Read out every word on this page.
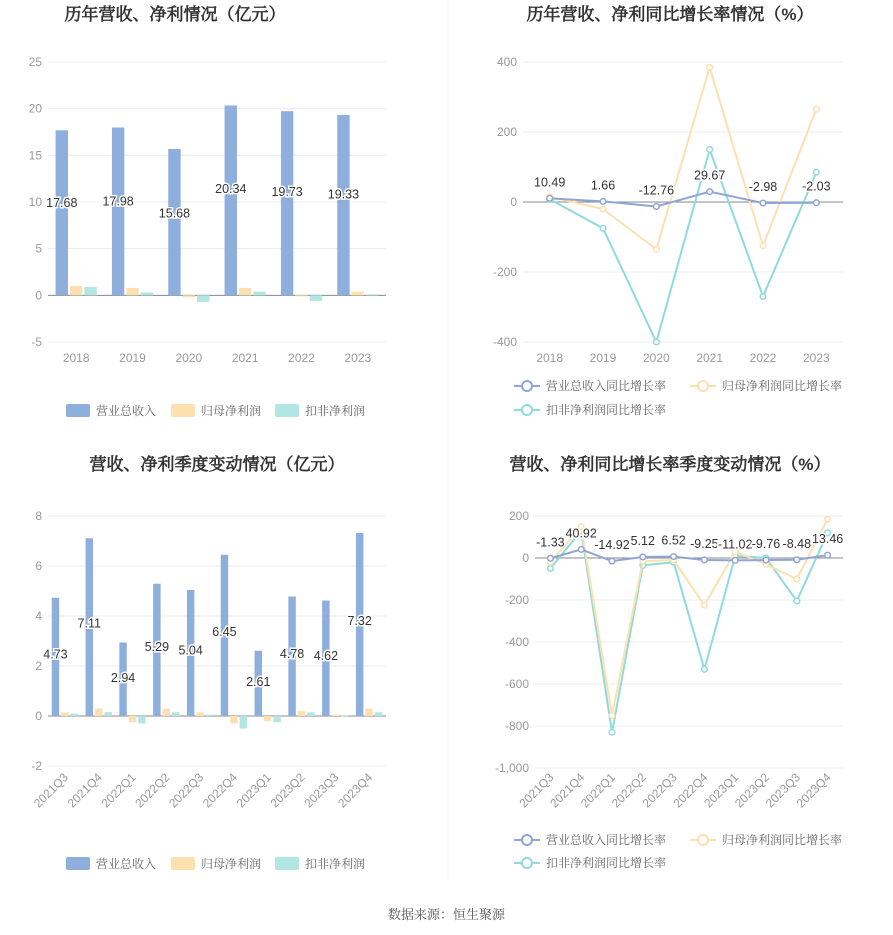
历年营收、净利情况（亿元）
25
20
15
10
5
0
-5
2018 2019 2020 2021 2022 2023
17.68 17.98
15.68
20.34 19.73 19.33
营业总收入	归母净利润	扣非净利润
历年营收、净利同比增长率情况（%）
400
200
0
-200
-400
2018 2019 2020 2021 2022 2023
10.49 1.66 -12.76
29.67
-2.98 -2.03
营业总收入同比增长率	归母净利润同比增长率
扣非净利润同比增长率
营收、净利季度变动情况（亿元）
8
6
4
2
0
-2
2021Q3
2021Q4
2022Q1
2022Q2
2022Q3
2022Q4
2023Q1
2023Q2
2023Q3
2023Q4
4.73
7.11
2.94
5.29 5.04
6.45
2.61
4.78 4.62
7.32
营业总收入	归母净利润	扣非净利润
营收、净利同比增长率季度变动情况（%）
200
0
-200
-400
-600
-800
-1,000
2021Q3
2021Q4
2022Q1
2022Q2
2022Q3
2022Q4
2023Q1
2023Q2
2023Q3
2023Q4
-1.33
40.92
-14.92 5.12 6.52 -9.25 -11.02 -9.76 -8.48 13.46
营业总收入同比增长率	归母净利润同比增长率
扣非净利润同比增长率
数据来源：恒生聚源
